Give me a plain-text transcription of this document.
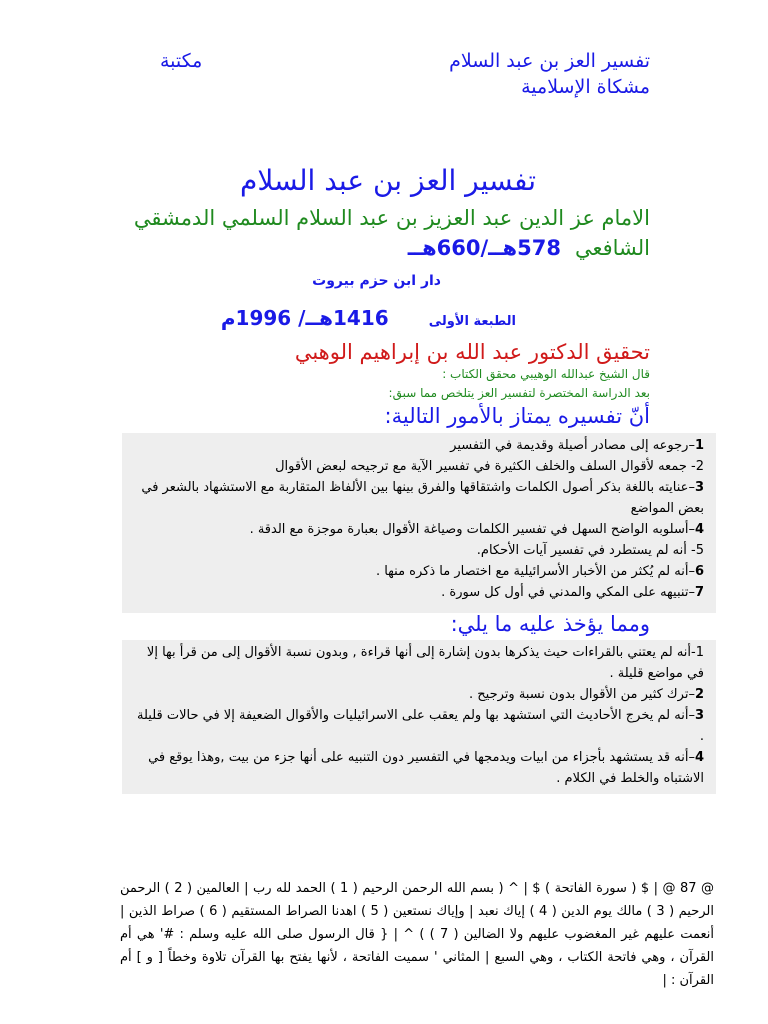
تفسير العز بن عبد السلام
مكتبة
مشكاة الإسلامية
تفسير العز بن عبد السلام
الامام عز الدين عبد العزيز بن عبد السلام السلمي الدمشقي
الشافعي578هــ/660هــ
دار ابن حزم بيروت
الطبعة الأولى1416هــ/ 1996م
تحقيق الدكتور عبد الله بن إبراهيم الوهبي
قال الشيخ عبدالله الوهيبي محقق الكتاب :
بعد الدراسة المختصرة لتفسير العز يتلخص مما سبق:
أنّ تفسيره يمتاز بالأمور التالية:

1–رجوعه إلى مصادر أصيلة وقديمة في التفسير

2- جمعه لأقوال السلف والخلف الكثيرة في تفسير الآية مع ترجيحه لبعض الأقوال

3–عنايته باللغة بذكر أصول الكلمات واشتقاقها والفرق بينها بين الألفاظ المتقاربة مع الاستشهاد بالشعر في بعض المواضع

4–أسلوبه الواضح السهل في تفسير الكلمات وصياغة الأقوال بعبارة موجزة مع الدقة .

5- أنه لم يستطرد في تفسير آيات الأحكام.

6–أنه لم يُكثر من الأخبار الأسرائيلية مع اختصار ما ذكره منها .

7–تنبيهه على المكي والمدني في أول كل سورة .

ومما يؤخذ عليه ما يلي:

1-أنه لم يعتني بالقراءات حيث يذكرها بدون إشارة إلى أنها قراءة , وبدون نسبة الأقوال إلى من قرأ بها إلا في مواضع قليلة .

2–ترك كثير من الأقوال بدون نسبة وترجيح .

3–أنه لم يخرج الأحاديث التي استشهد بها ولم يعقب على الاسرائيليات والأقوال الضعيفة إلا في حالات قليلة .

4–أنه قد يستشهد بأجزاء من ابيات ويدمجها في التفسير دون التنبيه على أنها جزء من بيت ,وهذا يوقع في الاشتباه والخلط في الكلام .

@ 87 @ | $ ( سورة الفاتحة ) $ | ^ ( بسم الله الرحمن الرحيم ( 1 ) الحمد لله رب | العالمين ( 2 ) الرحمن الرحيم ( 3 ) مالك يوم الدين ( 4 ) إياك نعبد | وإياك نستعين ( 5 ) اهدنا الصراط المستقيم ( 6 ) صراط الذين | أنعمت عليهم غير المغضوب عليهم ولا الضالين ( 7 ) ) ^ | { قال الرسول صلى الله عليه وسلم : #' هي أم القرآن ، وهي فاتحة الكتاب ، وهي السبع | المثاني ' سميت الفاتحة ، لأنها يفتح بها القرآن تلاوة وخطاً [ و ] أم القرآن : |
